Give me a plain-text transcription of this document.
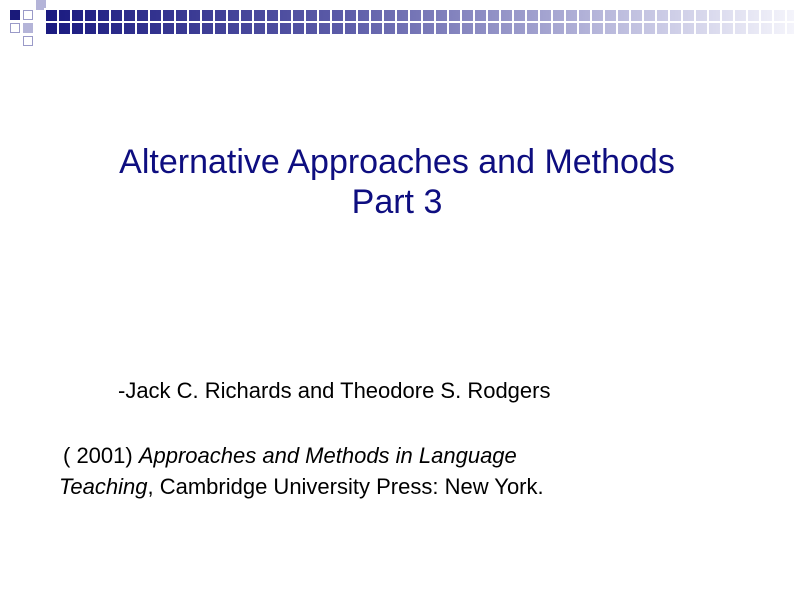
Alternative Approaches and Methods
Part 3
-Jack C. Richards and Theodore S. Rodgers
( 2001) Approaches and Methods in Language
Teaching, Cambridge University Press: New York.
